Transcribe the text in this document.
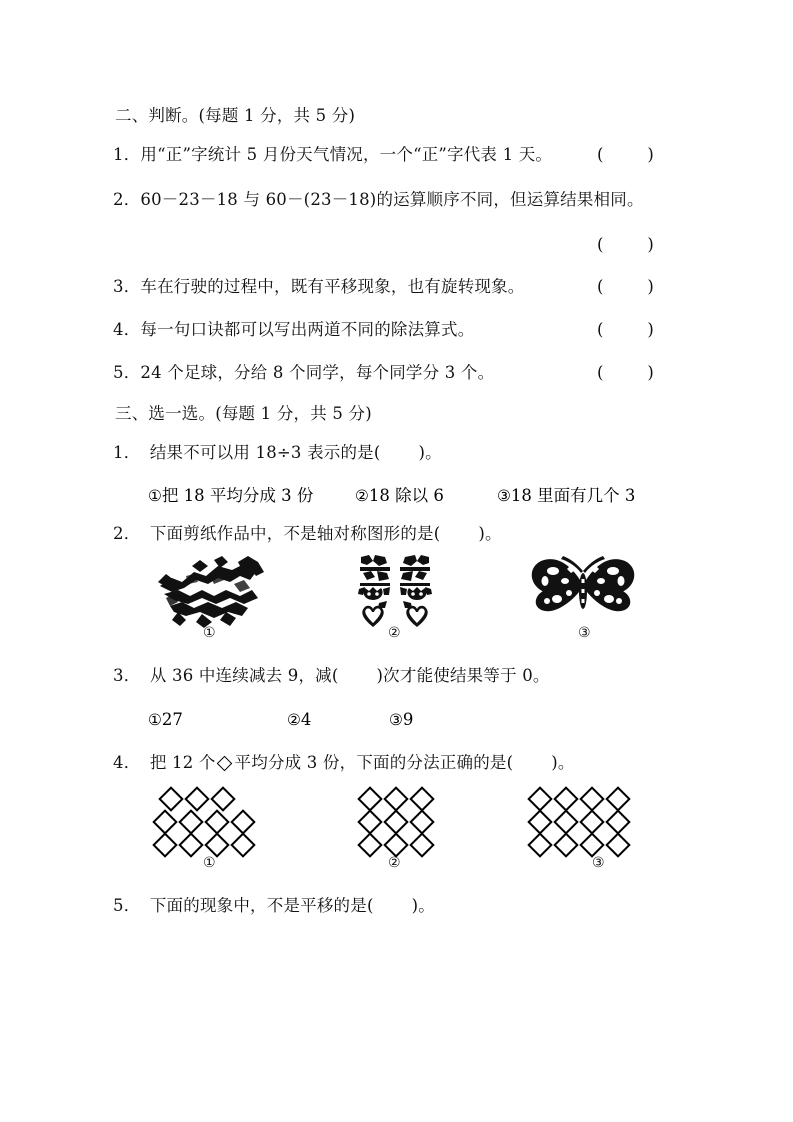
二、判断。(每题 1 分，共 5 分)
1．用“正”字统计 5 月份天气情况，一个“正”字代表 1 天。	(	)
2．60－23－18 与 60－(23－18)的运算顺序不同，但运算结果相同。
(	)
3．车在行驶的过程中，既有平移现象，也有旋转现象。	(	)
4．每一句口诀都可以写出两道不同的除法算式。	(	)
5．24 个足球，分给 8 个同学，每个同学分 3 个。	(	)
三、选一选。(每题 1 分，共 5 分)
1． 结果不可以用 18÷3 表示的是( )。
①把 18 平均分成 3 份	②18 除以 6	③18 里面有几个 3
2． 下面剪纸作品中，不是轴对称图形的是( )。
①	②	③
3． 从 36 中连续减去 9，减( )次才能使结果等于 0。
①27	②4	③9
4． 把 12 个 平均分成 3 份，下面的分法正确的是( )。
①	②	③
5． 下面的现象中，不是平移的是( )。
